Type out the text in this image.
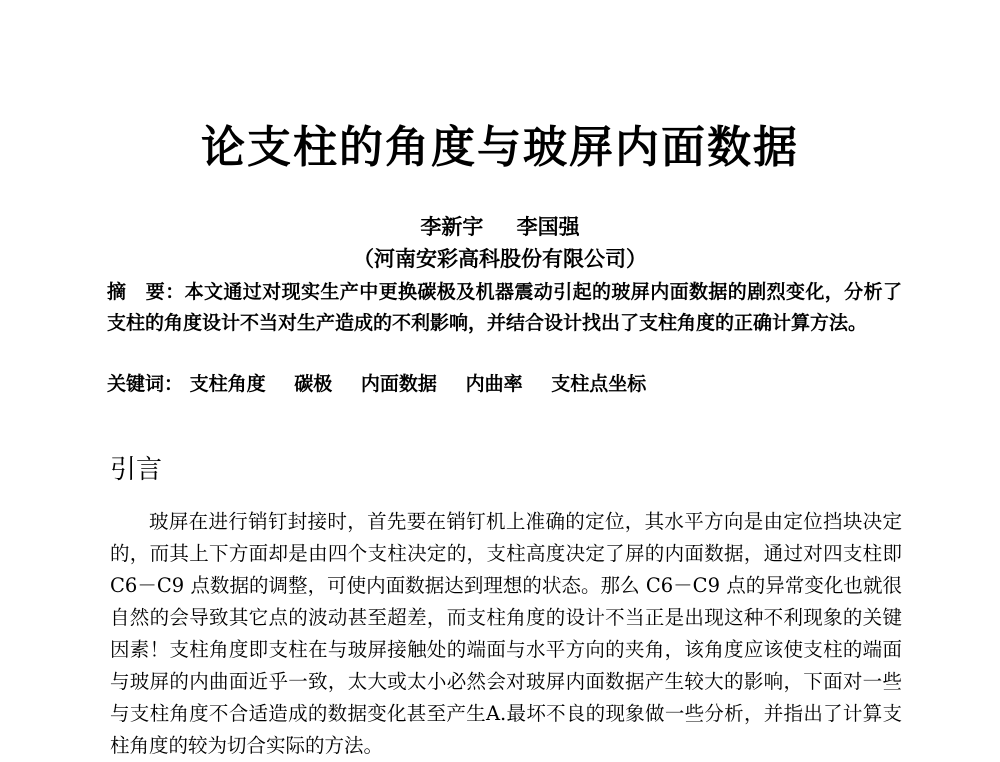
论支柱的角度与玻屏内面数据
李新宇 李国强
（河南安彩高科股份有限公司）
摘　要：本文通过对现实生产中更换碳极及机器震动引起的玻屏内面数据的剧烈变化，分析了支柱的角度设计不当对生产造成的不利影响，并结合设计找出了支柱角度的正确计算方法。
关键词： 支柱角度 碳极 内面数据 内曲率 支柱点坐标
引言

玻屏在进行销钉封接时，首先要在销钉机上准确的定位，其水平方向是由定位挡块决定的，而其上下方面却是由四个支柱决定的，支柱高度决定了屏的内面数据，通过对四支柱即 C6－C9 点数据的调整，可使内面数据达到理想的状态。那么 C6－C9 点的异常变化也就很自然的会导致其它点的波动甚至超差，而支柱角度的设计不当正是出现这种不利现象的关键因素！支柱角度即支柱在与玻屏接触处的端面与水平方向的夹角，该角度应该使支柱的端面与玻屏的内曲面近乎一致，太大或太小必然会对玻屏内面数据产生较大的影响，下面对一些与支柱角度不合适造成的数据变化甚至产生A.最坏不良的现象做一些分析，并指出了计算支柱角度的较为切合实际的方法。
